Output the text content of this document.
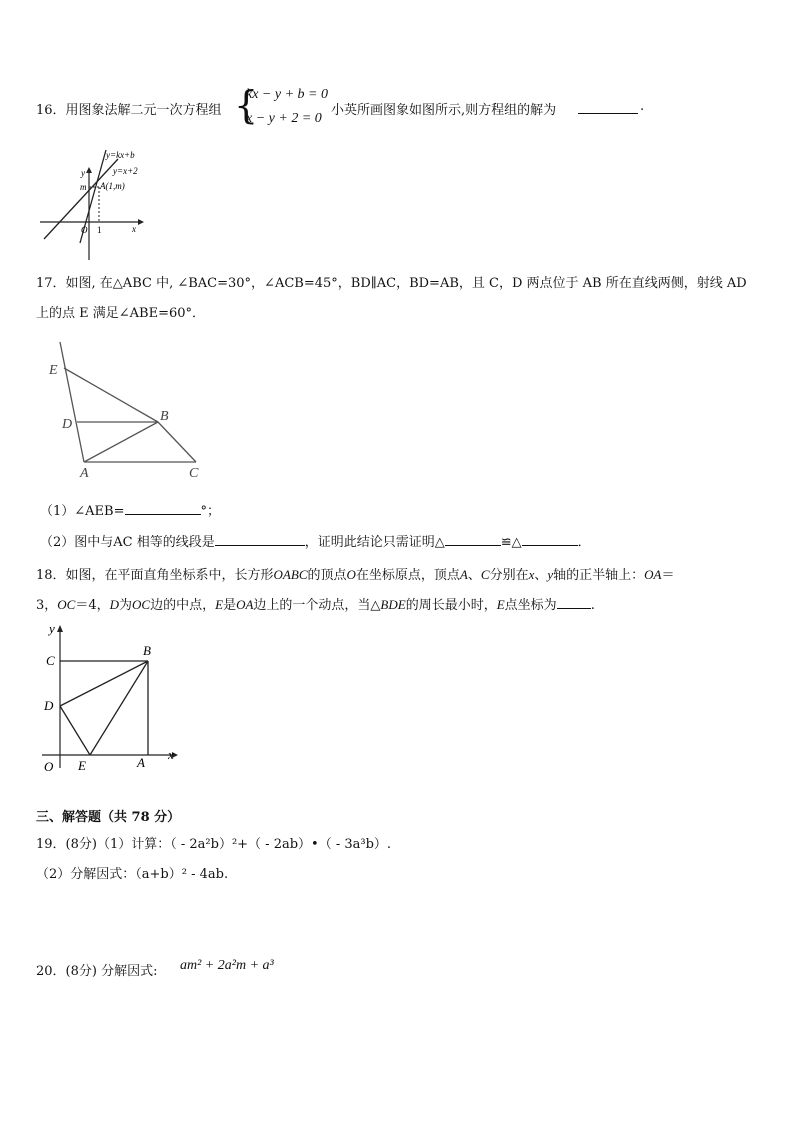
16．用图象法解二元一次方程组 {
kx − y + b = 0
x − y + 2 = 0
小英所画图象如图所示,则方程组的解为	.
y=kx+b
y=x+2
A(1,m)
y
x
O
m
1
17．如图, 在△ABC 中, ∠BAC=30°，∠ACB=45°，BD∥AC，BD=AB，且 C，D 两点位于 AB 所在直线两侧，射线 AD
上的点 E 满足∠ABE=60°．
E
D
B
A	C
（1）∠AEB=	°；
（2）图中与AC 相等的线段是	，证明此结论只需证明△	≌△	．
18．如图，在平面直角坐标系中，长方形OABC的顶点O在坐标原点，顶点A、C分别在x、y轴的正半轴上：OA＝
3，OC＝4，D为OC边的中点，E是OA边上的一个动点，当△BDE的周长最小时，E点坐标为	.
y
x
C
B
D
O E	A
三、解答题（共 78 分）
19．(8分)（1）计算：（ - 2a²b）²+（ - 2ab）•（ - 3a³b）.
（2）分解因式：（a+b）² - 4ab.
20．(8分) 分解因式: am² + 2a²m + a³
